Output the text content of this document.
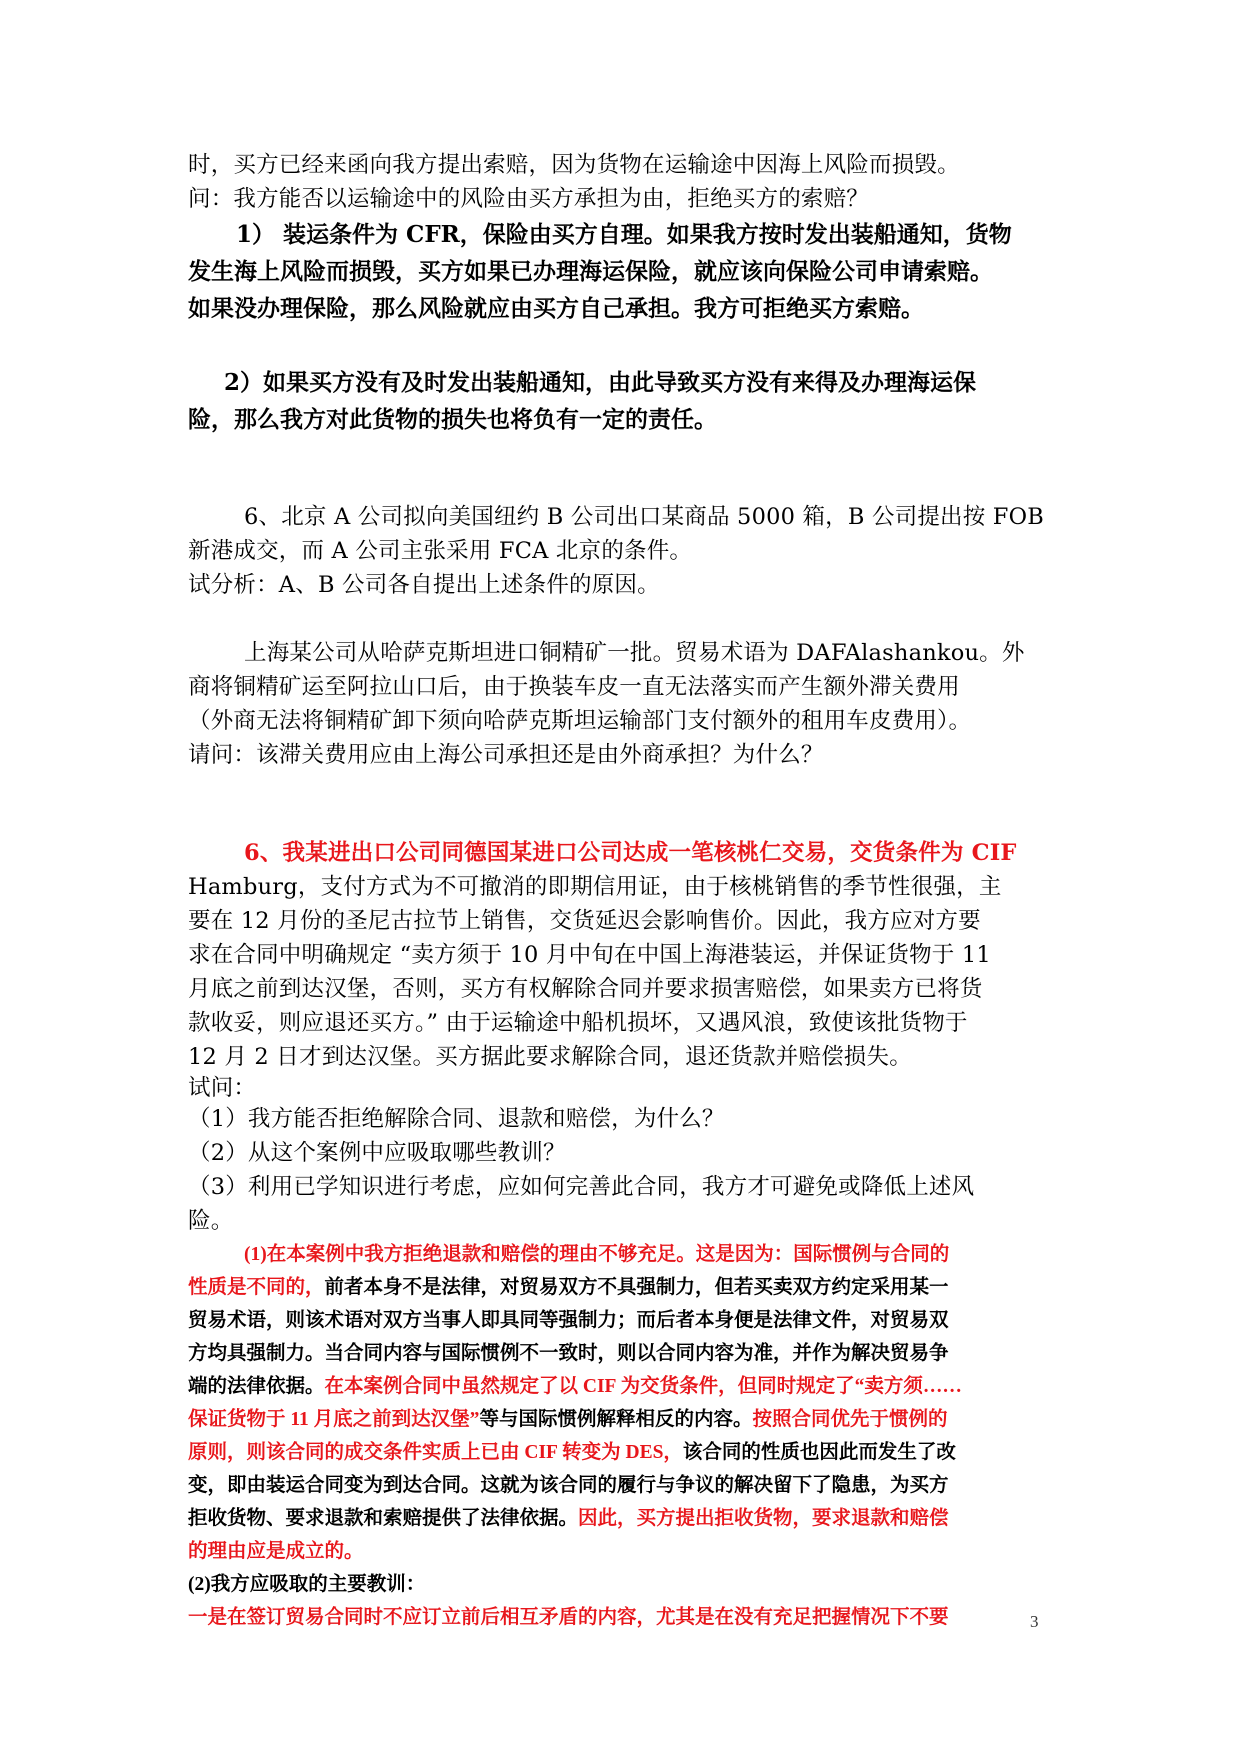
时，买方已经来函向我方提出索赔，因为货物在运输途中因海上风险而损毁。

问：我方能否以运输途中的风险由买方承担为由，拒绝买方的索赔？

1） 装运条件为 CFR，保险由买方自理。如果我方按时发出装船通知，货物

发生海上风险而损毁，买方如果已办理海运保险，就应该向保险公司申请索赔。

如果没办理保险，那么风险就应由买方自己承担。我方可拒绝买方索赔。

2）如果买方没有及时发出装船通知，由此导致买方没有来得及办理海运保

险，那么我方对此货物的损失也将负有一定的责任。

6、北京 A 公司拟向美国纽约 B 公司出口某商品 5000 箱，B 公司提出按 FOB

新港成交，而 A 公司主张采用 FCA 北京的条件。

试分析：A、B 公司各自提出上述条件的原因。

上海某公司从哈萨克斯坦进口铜精矿一批。贸易术语为 DAFAlashankou。外

商将铜精矿运至阿拉山口后，由于换装车皮一直无法落实而产生额外滞关费用

（外商无法将铜精矿卸下须向哈萨克斯坦运输部门支付额外的租用车皮费用）。

请问：该滞关费用应由上海公司承担还是由外商承担？为什么？

6、我某进出口公司同德国某进口公司达成一笔核桃仁交易，交货条件为 CIF

Hamburg，支付方式为不可撤消的即期信用证，由于核桃销售的季节性很强，主

要在 12 月份的圣尼古拉节上销售，交货延迟会影响售价。因此，我方应对方要

求在合同中明确规定 “卖方须于 10 月中旬在中国上海港装运，并保证货物于 11

月底之前到达汉堡，否则，买方有权解除合同并要求损害赔偿，如果卖方已将货

款收妥，则应退还买方。” 由于运输途中船机损坏，又遇风浪，致使该批货物于

12 月 2 日才到达汉堡。买方据此要求解除合同，退还货款并赔偿损失。

试问：

（1）我方能否拒绝解除合同、退款和赔偿，为什么？

（2）从这个案例中应吸取哪些教训？

（3）利用已学知识进行考虑，应如何完善此合同，我方才可避免或降低上述风

险。

(1)在本案例中我方拒绝退款和赔偿的理由不够充足。这是因为：国际惯例与合同的

性质是不同的，前者本身不是法律，对贸易双方不具强制力，但若买卖双方约定采用某一

贸易术语，则该术语对双方当事人即具同等强制力；而后者本身便是法律文件，对贸易双

方均具强制力。当合同内容与国际惯例不一致时，则以合同内容为准，并作为解决贸易争

端的法律依据。在本案例合同中虽然规定了以 CIF 为交货条件，但同时规定了“卖方须……

保证货物于 11 月底之前到达汉堡”等与国际惯例解释相反的内容。按照合同优先于惯例的

原则，则该合同的成交条件实质上已由 CIF 转变为 DES，该合同的性质也因此而发生了改

变，即由装运合同变为到达合同。这就为该合同的履行与争议的解决留下了隐患，为买方

拒收货物、要求退款和索赔提供了法律依据。因此，买方提出拒收货物，要求退款和赔偿

的理由应是成立的。

(2)我方应吸取的主要教训：

一是在签订贸易合同时不应订立前后相互矛盾的内容，尤其是在没有充足把握情况下不要	3
